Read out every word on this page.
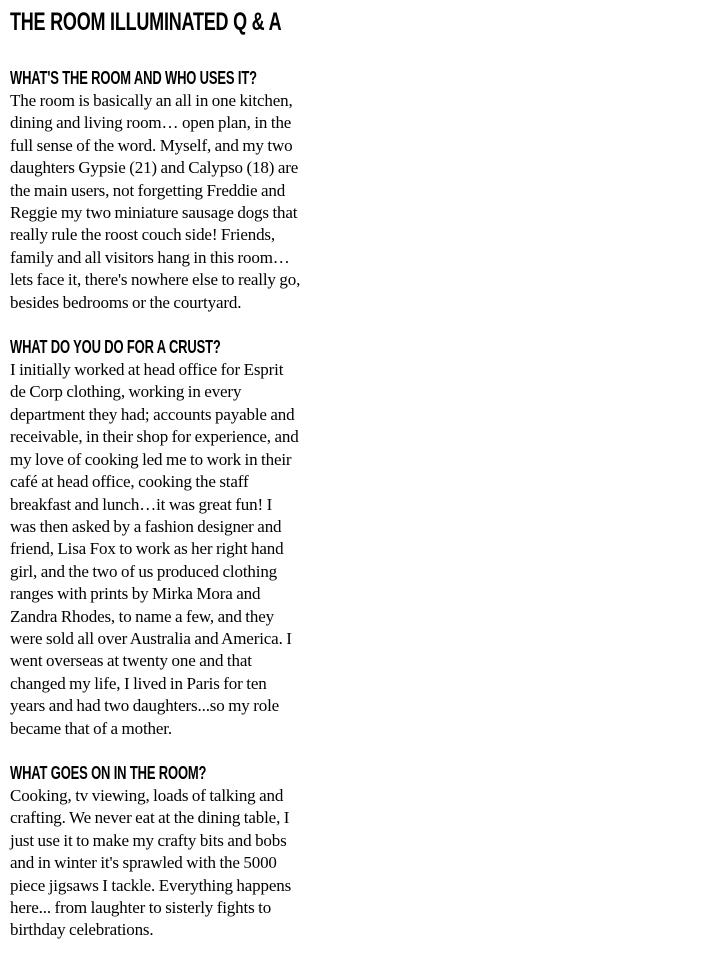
THE ROOM ILLUMINATED Q & A
WHAT'S THE ROOM AND WHO USES IT?

The room is basically an all in one kitchen,
dining and living room… open plan, in the
full sense of the word. Myself, and my two
daughters Gypsie (21) and Calypso (18) are
the main users, not forgetting Freddie and
Reggie my two miniature sausage dogs that
really rule the roost couch side! Friends,
family and all visitors hang in this room…
lets face it, there's nowhere else to really go,
besides bedrooms or the courtyard.

WHAT DO YOU DO FOR A CRUST?

I initially worked at head office for Esprit
de Corp clothing, working in every
department they had; accounts payable and
receivable, in their shop for experience, and
my love of cooking led me to work in their
café at head office, cooking the staff
breakfast and lunch…it was great fun! I
was then asked by a fashion designer and
friend, Lisa Fox to work as her right hand
girl, and the two of us produced clothing
ranges with prints by Mirka Mora and
Zandra Rhodes, to name a few, and they
were sold all over Australia and America. I
went overseas at twenty one and that
changed my life, I lived in Paris for ten
years and had two daughters...so my role
became that of a mother.

WHAT GOES ON IN THE ROOM?

Cooking, tv viewing, loads of talking and
crafting. We never eat at the dining table, I
just use it to make my crafty bits and bobs
and in winter it's sprawled with the 5000
piece jigsaws I tackle. Everything happens
here... from laughter to sisterly fights to
birthday celebrations.
